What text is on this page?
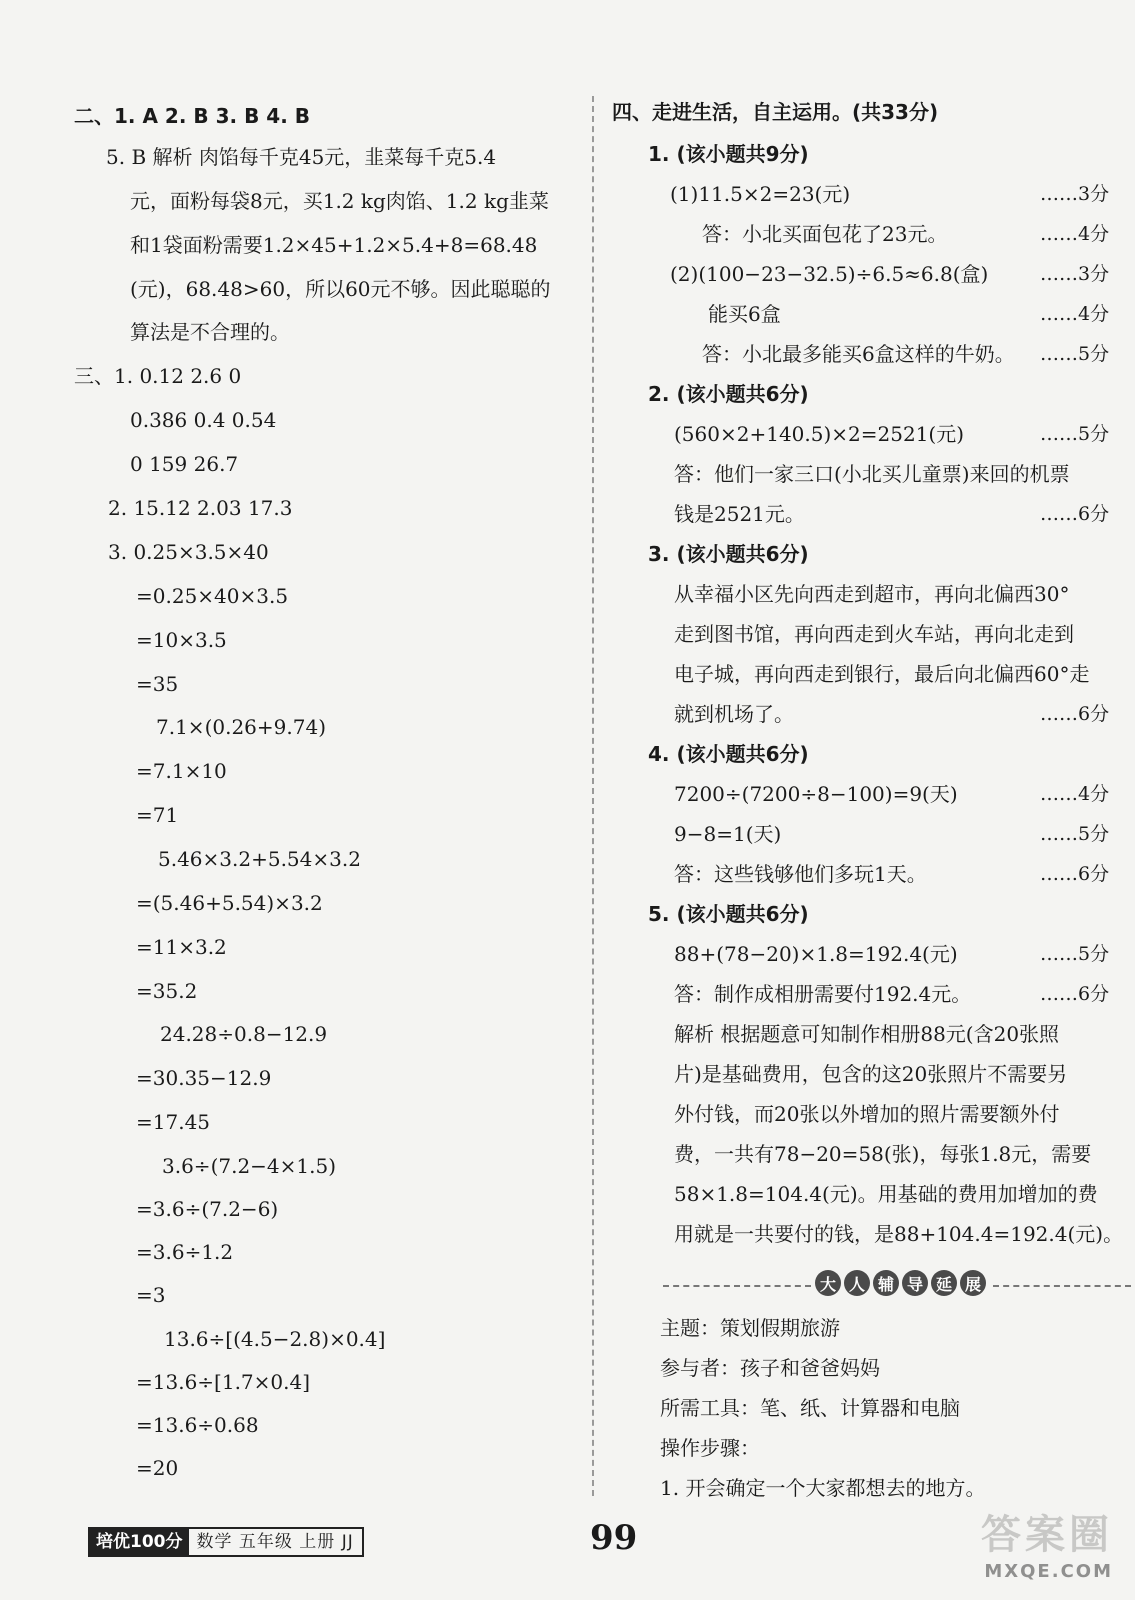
二、1. A 2. B 3. B 4. B
5. B 解析 肉馅每千克45元，韭菜每千克5.4
元，面粉每袋8元，买1.2 kg肉馅、1.2 kg韭菜
和1袋面粉需要1.2×45+1.2×5.4+8=68.48
(元)，68.48>60，所以60元不够。因此聪聪的
算法是不合理的。
三、1. 0.12 2.6 0
0.386 0.4 0.54
0 159 26.7
2. 15.12 2.03 17.3
3. 0.25×3.5×40
=0.25×40×3.5
=10×3.5
=35
7.1×(0.26+9.74)
=7.1×10
=71
5.46×3.2+5.54×3.2
=(5.46+5.54)×3.2
=11×3.2
=35.2
24.28÷0.8−12.9
=30.35−12.9
=17.45
3.6÷(7.2−4×1.5)
=3.6÷(7.2−6)
=3.6÷1.2
=3
13.6÷[(4.5−2.8)×0.4]
=13.6÷[1.7×0.4]
=13.6÷0.68
=20
四、走进生活，自主运用。(共33分)
1. (该小题共9分)
(1)11.5×2=23(元)	……3分
答：小北买面包花了23元。	……4分
(2)(100−23−32.5)÷6.5≈6.8(盒)	……3分
能买6盒	……4分
答：小北最多能买6盒这样的牛奶。 ……5分
2. (该小题共6分)
(560×2+140.5)×2=2521(元)	……5分
答：他们一家三口(小北买儿童票)来回的机票
钱是2521元。	……6分
3. (该小题共6分)
从幸福小区先向西走到超市，再向北偏西30°
走到图书馆，再向西走到火车站，再向北走到
电子城，再向西走到银行，最后向北偏西60°走
就到机场了。	……6分
4. (该小题共6分)
7200÷(7200÷8−100)=9(天)	……4分
9−8=1(天)	……5分
答：这些钱够他们多玩1天。	……6分
5. (该小题共6分)
88+(78−20)×1.8=192.4(元)	……5分
答：制作成相册需要付192.4元。	……6分
解析 根据题意可知制作相册88元(含20张照
片)是基础费用，包含的这20张照片不需要另
外付钱，而20张以外增加的照片需要额外付
费，一共有78−20=58(张)，每张1.8元，需要
58×1.8=104.4(元)。用基础的费用加增加的费
用就是一共要付的钱，是88+104.4=192.4(元)。
大 人 辅 导 延 展
主题：策划假期旅游
参与者：孩子和爸爸妈妈
所需工具：笔、纸、计算器和电脑
操作步骤：
1. 开会确定一个大家都想去的地方。
培优100分 数学 五年级 上册 JJ	99	答案圈
MXQE.COM
